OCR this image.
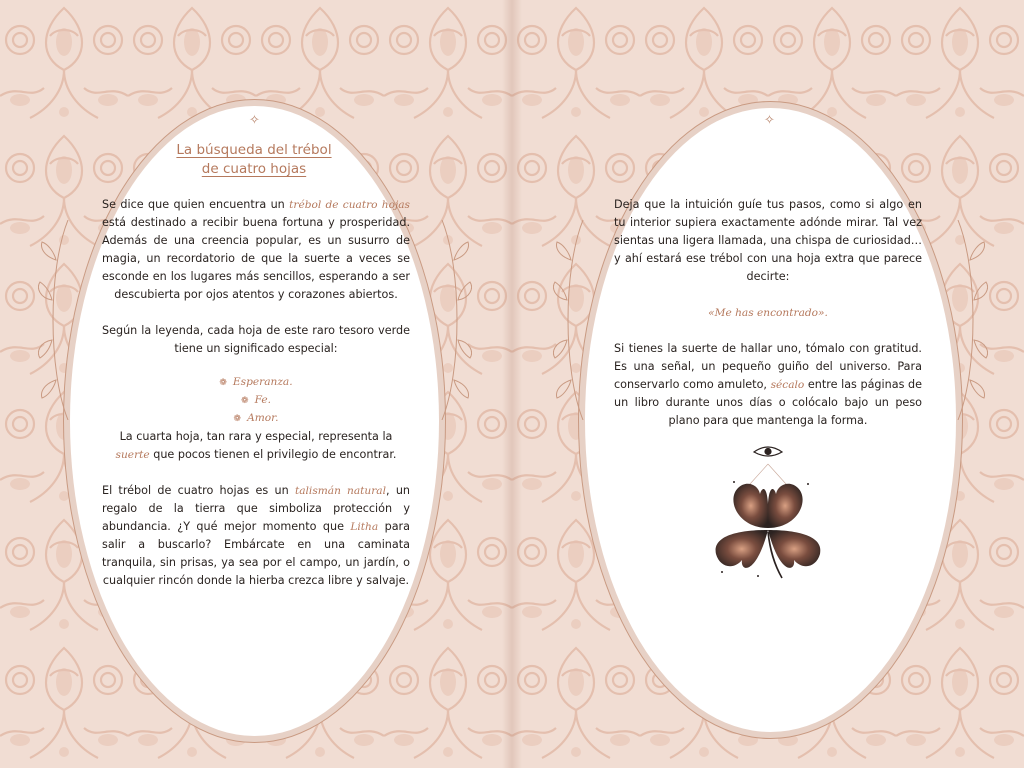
✧
La búsqueda del trébol
de cuatro hojas

Se dice que quien encuentra un trébol de cuatro hojas está destinado a recibir buena fortuna y prosperidad. Además de una creencia popular, es un susurro de magia, un recordatorio de que la suerte a veces se esconde en los lugares más sencillos, esperando a ser descubierta por ojos atentos y corazones abiertos.

Según la leyenda, cada hoja de este raro tesoro verde tiene un significado especial:

❁ Esperanza.
❁ Fe.
❁ Amor.

La cuarta hoja, tan rara y especial, representa la suerte que pocos tienen el privilegio de encontrar.

El trébol de cuatro hojas es un talismán natural, un regalo de la tierra que simboliza protección y abundancia. ¿Y qué mejor momento que Litha para salir a buscarlo? Embárcate en una caminata tranquila, sin prisas, ya sea por el campo, un jardín, o cualquier rincón donde la hierba crezca libre y salvaje.

✧

Deja que la intuición guíe tus pasos, como si algo en tu interior supiera exactamente adónde mirar. Tal vez sientas una ligera llamada, una chispa de curiosidad… y ahí estará ese trébol con una hoja extra que parece decirte:

«Me has encontrado».

Si tienes la suerte de hallar uno, tómalo con gratitud. Es una señal, un pequeño guiño del universo. Para conservarlo como amuleto, sécalo entre las páginas de un libro durante unos días o colócalo bajo un peso plano para que mantenga la forma.
